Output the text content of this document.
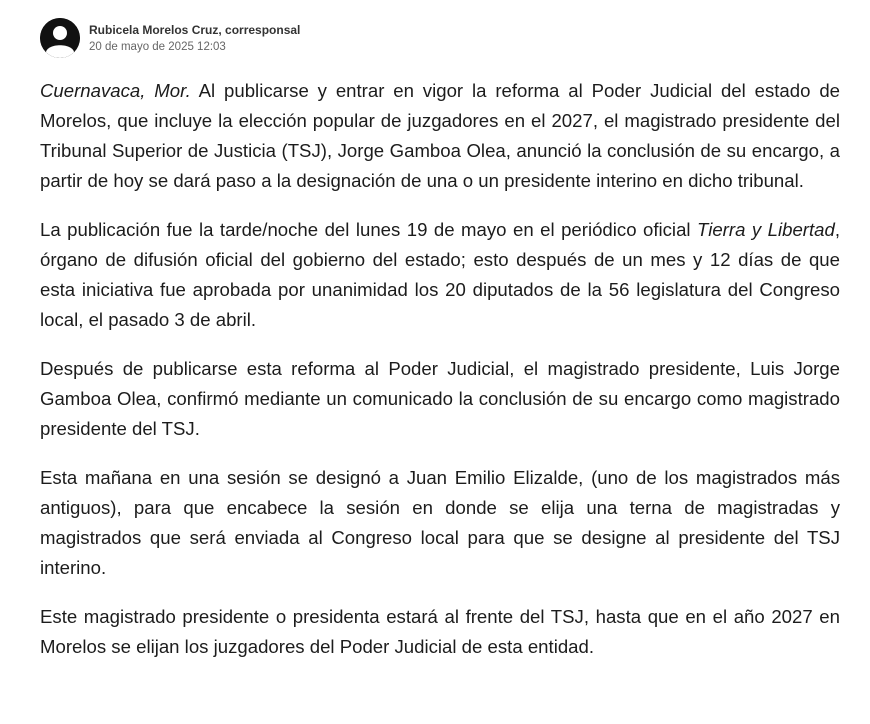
Rubicela Morelos Cruz, corresponsal
20 de mayo de 2025 12:03

Cuernavaca, Mor. Al publicarse y entrar en vigor la reforma al Poder Judicial del estado de Morelos, que incluye la elección popular de juzgadores en el 2027, el magistrado presidente del Tribunal Superior de Justicia (TSJ), Jorge Gamboa Olea, anunció la conclusión de su encargo, a partir de hoy se dará paso a la designación de una o un presidente interino en dicho tribunal.

La publicación fue la tarde/noche del lunes 19 de mayo en el periódico oficial Tierra y Libertad, órgano de difusión oficial del gobierno del estado; esto después de un mes y 12 días de que esta iniciativa fue aprobada por unanimidad los 20 diputados de la 56 legislatura del Congreso local, el pasado 3 de abril.

Después de publicarse esta reforma al Poder Judicial, el magistrado presidente, Luis Jorge Gamboa Olea, confirmó mediante un comunicado la conclusión de su encargo como magistrado presidente del TSJ.

Esta mañana en una sesión se designó a Juan Emilio Elizalde, (uno de los magistrados más antiguos), para que encabece la sesión en donde se elija una terna de magistradas y magistrados que será enviada al Congreso local para que se designe al presidente del TSJ interino.

Este magistrado presidente o presidenta estará al frente del TSJ, hasta que en el año 2027 en Morelos se elijan los juzgadores del Poder Judicial de esta entidad.
